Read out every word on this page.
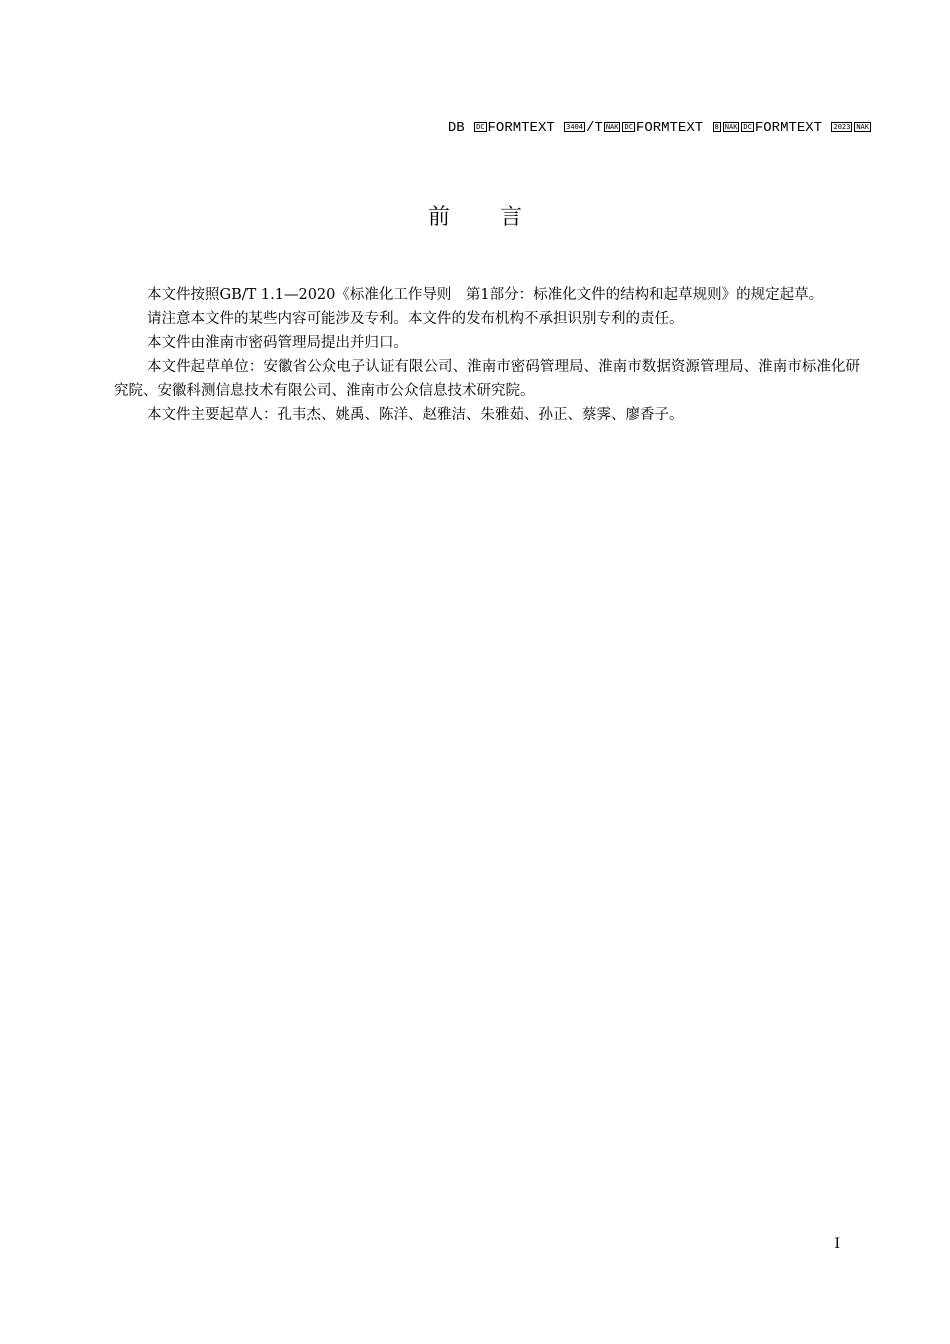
DB DC FORMTEXT 3404 /T NAK DC FORMTEXT 8 NAK DC FORMTEXT 2023 NAK
前言

本文件按照GB/T 1.1—2020《标准化工作导则　第1部分：标准化文件的结构和起草规则》的规定起草。

请注意本文件的某些内容可能涉及专利。本文件的发布机构不承担识别专利的责任。

本文件由淮南市密码管理局提出并归口。

本文件起草单位：安徽省公众电子认证有限公司、淮南市密码管理局、淮南市数据资源管理局、淮南市标准化研究院、安徽科测信息技术有限公司、淮南市公众信息技术研究院。

本文件主要起草人：孔韦杰、姚禹、陈洋、赵雅洁、朱雅茹、孙正、蔡霁、廖香子。

I
